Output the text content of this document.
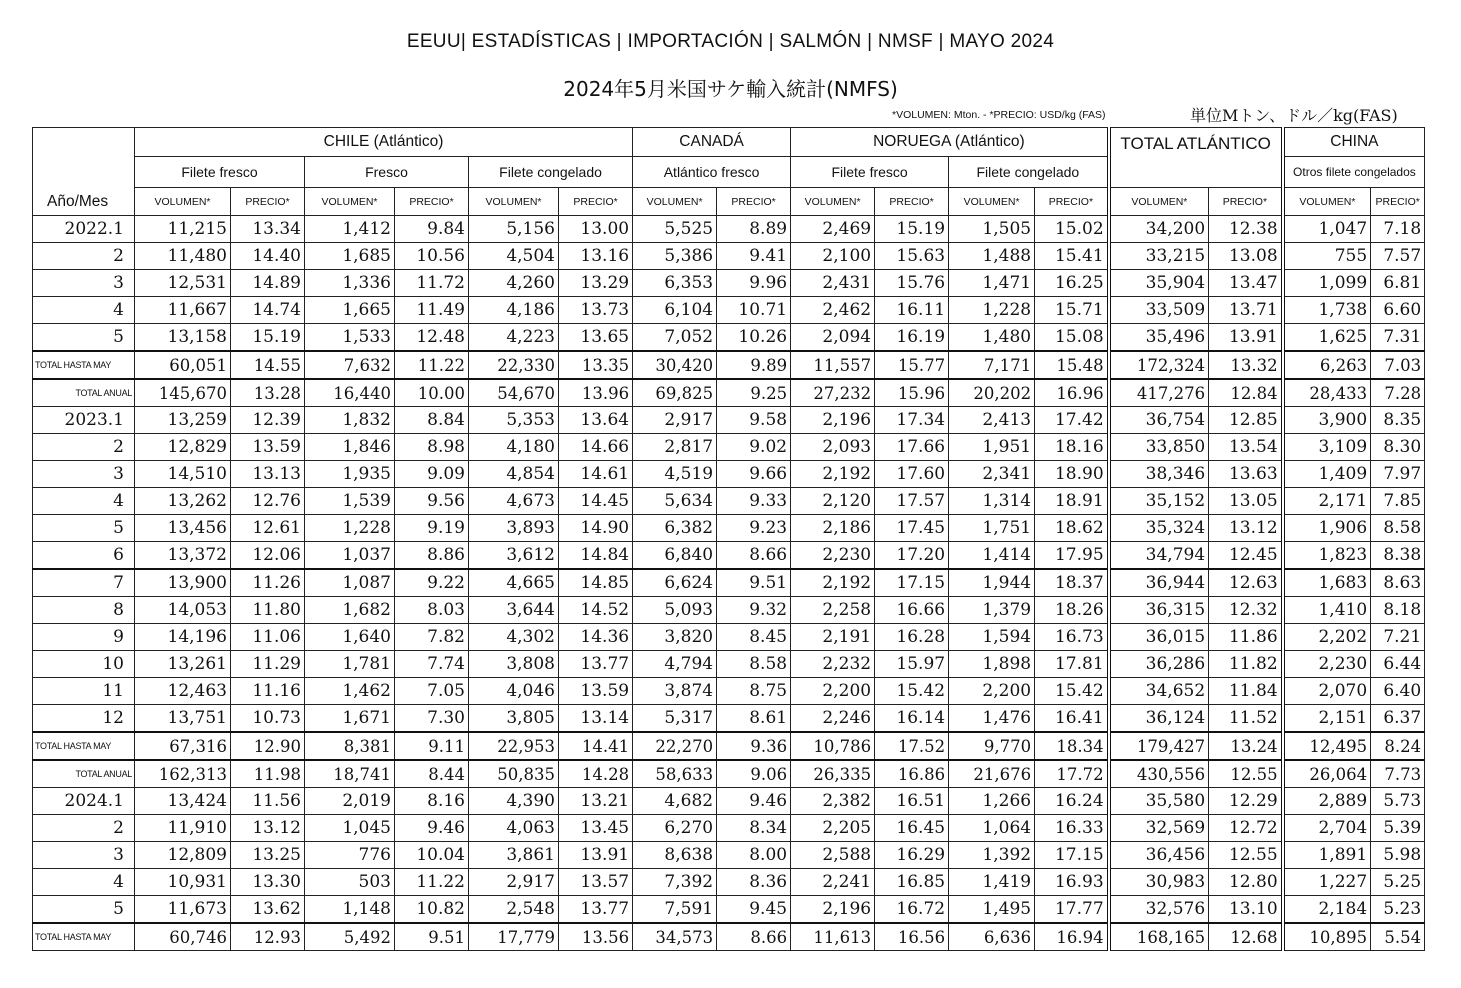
EEUU| ESTADÍSTICAS | IMPORTACIÓN | SALMÓN | NMSF | MAYO 2024
2024年5月米国サケ輸入統計(NMFS)
*VOLUMEN: Mton. - *PRECIO: USD/kg (FAS)	単位Mトン、ドル／kg(FAS)
Año/Mes	CHILE (Atlántico)						CANADÁ		NORUEGA (Atlántico)				TOTAL ATLÁNTICO		CHINA	
	Filete fresco		Fresco		Filete congelado		Atlántico fresco		Filete fresco		Filete congelado				Otros filete congelados	
	VOLUMEN*	PRECIO*	VOLUMEN*	PRECIO*	VOLUMEN*	PRECIO*	VOLUMEN*	PRECIO*	VOLUMEN*	PRECIO*	VOLUMEN*	PRECIO*	VOLUMEN*	PRECIO*	VOLUMEN*	PRECIO*
2022.1	11,215	13.34	1,412	9.84	5,156	13.00	5,525	8.89	2,469	15.19	1,505	15.02	34,200	12.38	1,047	7.18
2	11,480	14.40	1,685	10.56	4,504	13.16	5,386	9.41	2,100	15.63	1,488	15.41	33,215	13.08	755	7.57
3	12,531	14.89	1,336	11.72	4,260	13.29	6,353	9.96	2,431	15.76	1,471	16.25	35,904	13.47	1,099	6.81
4	11,667	14.74	1,665	11.49	4,186	13.73	6,104	10.71	2,462	16.11	1,228	15.71	33,509	13.71	1,738	6.60
5	13,158	15.19	1,533	12.48	4,223	13.65	7,052	10.26	2,094	16.19	1,480	15.08	35,496	13.91	1,625	7.31
TOTAL HASTA MAY	60,051	14.55	7,632	11.22	22,330	13.35	30,420	9.89	11,557	15.77	7,171	15.48	172,324	13.32	6,263	7.03
TOTAL ANUAL	145,670	13.28	16,440	10.00	54,670	13.96	69,825	9.25	27,232	15.96	20,202	16.96	417,276	12.84	28,433	7.28
2023.1	13,259	12.39	1,832	8.84	5,353	13.64	2,917	9.58	2,196	17.34	2,413	17.42	36,754	12.85	3,900	8.35
2	12,829	13.59	1,846	8.98	4,180	14.66	2,817	9.02	2,093	17.66	1,951	18.16	33,850	13.54	3,109	8.30
3	14,510	13.13	1,935	9.09	4,854	14.61	4,519	9.66	2,192	17.60	2,341	18.90	38,346	13.63	1,409	7.97
4	13,262	12.76	1,539	9.56	4,673	14.45	5,634	9.33	2,120	17.57	1,314	18.91	35,152	13.05	2,171	7.85
5	13,456	12.61	1,228	9.19	3,893	14.90	6,382	9.23	2,186	17.45	1,751	18.62	35,324	13.12	1,906	8.58
6	13,372	12.06	1,037	8.86	3,612	14.84	6,840	8.66	2,230	17.20	1,414	17.95	34,794	12.45	1,823	8.38
7	13,900	11.26	1,087	9.22	4,665	14.85	6,624	9.51	2,192	17.15	1,944	18.37	36,944	12.63	1,683	8.63
8	14,053	11.80	1,682	8.03	3,644	14.52	5,093	9.32	2,258	16.66	1,379	18.26	36,315	12.32	1,410	8.18
9	14,196	11.06	1,640	7.82	4,302	14.36	3,820	8.45	2,191	16.28	1,594	16.73	36,015	11.86	2,202	7.21
10	13,261	11.29	1,781	7.74	3,808	13.77	4,794	8.58	2,232	15.97	1,898	17.81	36,286	11.82	2,230	6.44
11	12,463	11.16	1,462	7.05	4,046	13.59	3,874	8.75	2,200	15.42	2,200	15.42	34,652	11.84	2,070	6.40
12	13,751	10.73	1,671	7.30	3,805	13.14	5,317	8.61	2,246	16.14	1,476	16.41	36,124	11.52	2,151	6.37
TOTAL HASTA MAY	67,316	12.90	8,381	9.11	22,953	14.41	22,270	9.36	10,786	17.52	9,770	18.34	179,427	13.24	12,495	8.24
TOTAL ANUAL	162,313	11.98	18,741	8.44	50,835	14.28	58,633	9.06	26,335	16.86	21,676	17.72	430,556	12.55	26,064	7.73
2024.1	13,424	11.56	2,019	8.16	4,390	13.21	4,682	9.46	2,382	16.51	1,266	16.24	35,580	12.29	2,889	5.73
2	11,910	13.12	1,045	9.46	4,063	13.45	6,270	8.34	2,205	16.45	1,064	16.33	32,569	12.72	2,704	5.39
3	12,809	13.25	776	10.04	3,861	13.91	8,638	8.00	2,588	16.29	1,392	17.15	36,456	12.55	1,891	5.98
4	10,931	13.30	503	11.22	2,917	13.57	7,392	8.36	2,241	16.85	1,419	16.93	30,983	12.80	1,227	5.25
5	11,673	13.62	1,148	10.82	2,548	13.77	7,591	9.45	2,196	16.72	1,495	17.77	32,576	13.10	2,184	5.23
TOTAL HASTA MAY	60,746	12.93	5,492	9.51	17,779	13.56	34,573	8.66	11,613	16.56	6,636	16.94	168,165	12.68	10,895	5.54
